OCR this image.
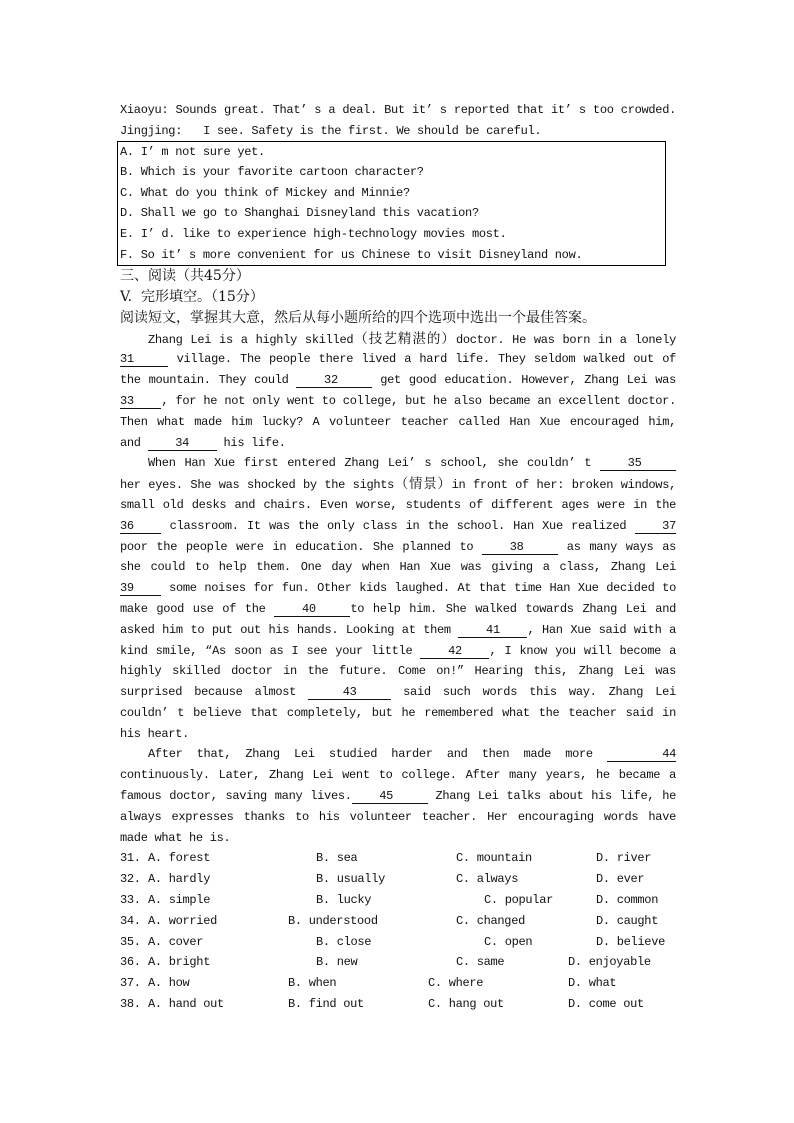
Xiaoyu: Sounds great. That’ s a deal. But it’ s reported that it’ s too crowded.
Jingjing: I see. Safety is the first. We should be careful.
A. I’ m not sure yet.
B. Which is your favorite cartoon character?
C. What do you think of Mickey and Minnie?
D. Shall we go to Shanghai Disneyland this vacation?
E. I’ d. like to experience high-technology movies most.
F. So it’ s more convenient for us Chinese to visit Disneyland now.
三、阅读（共45分）
V.  完形填空。（15分）
阅读短文，掌握其大意，然后从每小题所给的四个选项中选出一个最佳答案。
Zhang Lei is a highly skilled（技艺精湛的）doctor. He was born in a lonely
31      village. The people there lived a hard life. They seldom walked out of
the mountain. They could     32      get good education. However, Zhang Lei was
33    , for he not only went to college, but he also became an excellent doctor.
Then what made him lucky? A volunteer teacher called Han Xue encouraged him,
and     34     his life.
When Han Xue first entered Zhang Lei’ s school, she couldn’ t     35
her eyes. She was shocked by the sights（情景）in front of her: broken windows,
small old desks and chairs. Even worse, students of different ages were in the
36     classroom. It was the only class in the school. Han Xue realized     37
poor the people were in education. She planned to     38      as many ways as
she could to help them. One day when Han Xue was giving a class, Zhang Lei
39     some noises for fun. Other kids laughed. At that time Han Xue decided to
make good use of the     40     to help him. She walked towards Zhang Lei and
asked him to put out his hands. Looking at them     41    , Han Xue said with a
kind smile, “As soon as I see your little     42    , I know you will become a
highly skilled doctor in the future. Come on!” Hearing this, Zhang Lei was
surprised because almost      43      said such words this way. Zhang Lei
couldn’ t believe that completely, but he remembered what the teacher said in
his heart.
After that, Zhang Lei studied harder and then made more         44
continuously. Later, Zhang Lei went to college. After many years, he became a
famous doctor, saving many lives.    45      Zhang Lei talks about his life, he
always expresses thanks to his volunteer teacher. Her encouraging words have
made what he is.
31. A. forest	B. sea	C. mountain	D. river
32. A. hardly	B. usually	C. always	D. ever
33. A. simple	B. lucky	C. popular	D. common
34. A. worried	B. understood	C. changed	D. caught
35. A. cover	B. close	C. open	D. believe
36. A. bright	B. new	C. same	D. enjoyable
37. A. how	B. when	C. where	D. what
38. A. hand out	B. find out	C. hang out	D. come out
